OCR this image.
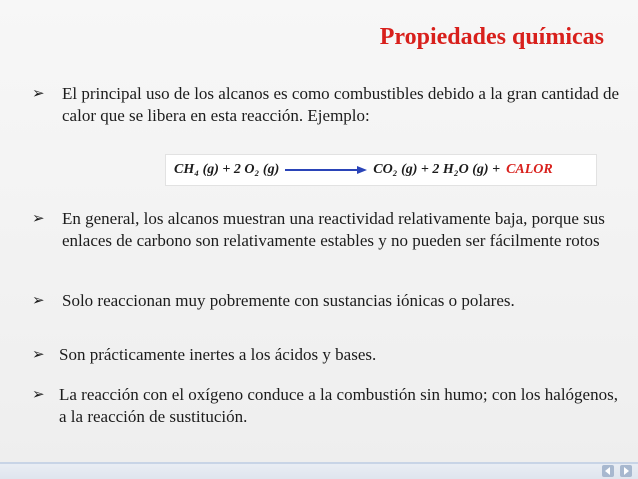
Propiedades químicas
➢	El principal uso de los alcanos es como combustibles debido a la gran cantidad de calor que se libera en esta reacción. Ejemplo:
CH₄ (g) + 2 O₂ (g)	CO₂ (g) + 2 H₂O (g) + CALOR
➢	En general, los alcanos muestran una reactividad relativamente baja, porque sus enlaces de carbono son relativamente estables y no pueden ser fácilmente rotos
➢	Solo reaccionan muy pobremente con sustancias iónicas o polares.
➢ Son prácticamente inertes a los ácidos y bases.
➢ La reacción con el oxígeno conduce a la combustión sin humo; con los halógenos, a la reacción de sustitución.
